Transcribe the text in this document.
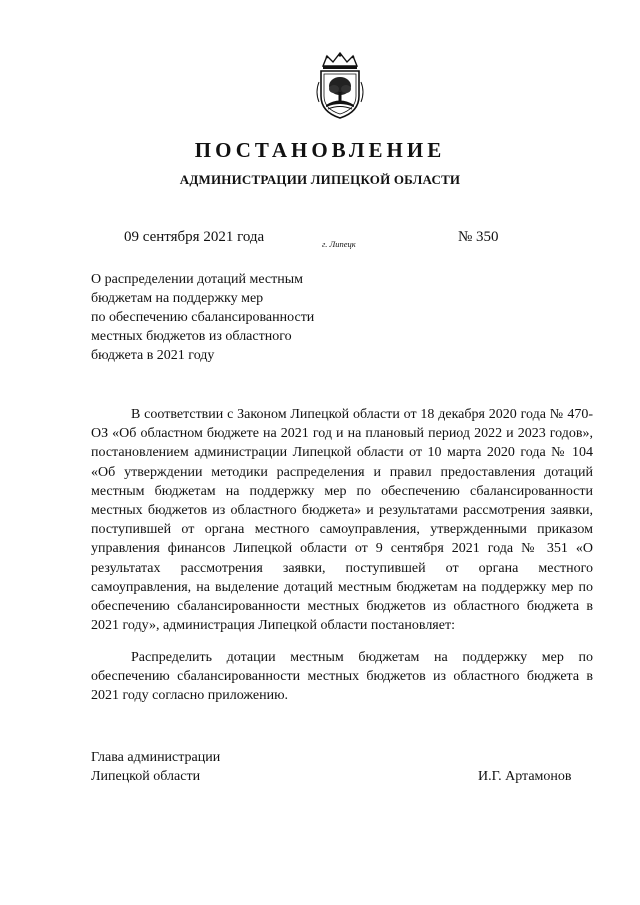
ПОСТАНОВЛЕНИЕ
АДМИНИСТРАЦИИ ЛИПЕЦКОЙ ОБЛАСТИ
09 сентября 2021 года	г. Липецк	№ 350
О распределении дотаций местным
бюджетам на поддержку мер
по обеспечению сбалансированности
местных бюджетов из областного
бюджета в 2021 году

В соответствии с Законом Липецкой области от 18 декабря 2020 года № 470-ОЗ «Об областном бюджете на 2021 год и на плановый период 2022 и 2023 годов», постановлением администрации Липецкой области от 10 марта 2020 года № 104 «Об утверждении методики распределения и правил предоставления дотаций местным бюджетам на поддержку мер по обеспечению сбалансированности местных бюджетов из областного бюджета» и результатами рассмотрения заявки, поступившей от органа местного самоуправления, утвержденными приказом управления финансов Липецкой области от 9 сентября 2021 года № 351 «О результатах рассмотрения заявки, поступившей от органа местного самоуправления, на выделение дотаций местным бюджетам на поддержку мер по обеспечению сбалансированности местных бюджетов из областного бюджета в 2021 году», администрация Липецкой области постановляет:

Распределить дотации местным бюджетам на поддержку мер по обеспечению сбалансированности местных бюджетов из областного бюджета в 2021 году согласно приложению.

Глава администрации
Липецкой области	И.Г. Артамонов
